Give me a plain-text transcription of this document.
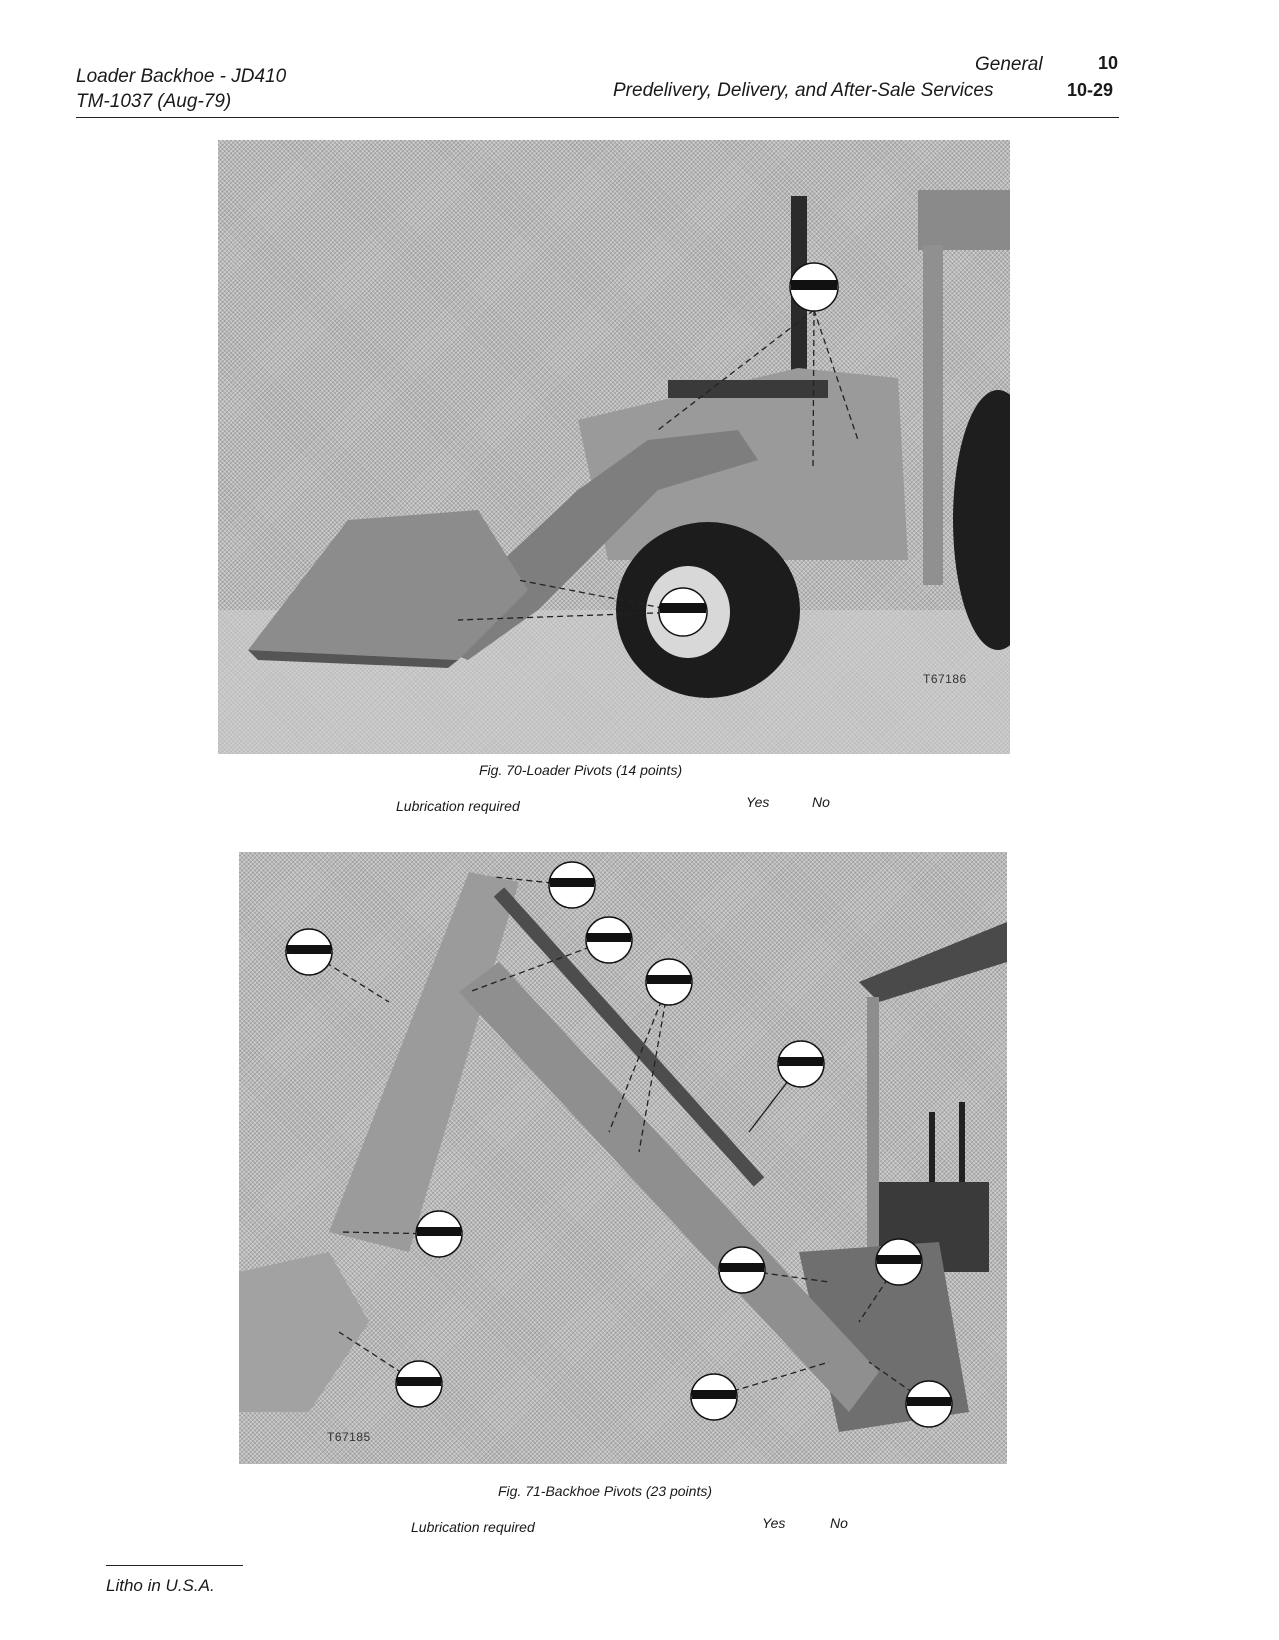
Loader Backhoe - JD410
TM-1037 (Aug-79)
General	10
Predelivery, Delivery, and After-Sale Services	10-29
T67186
Fig. 70-Loader Pivots (14 points)
Lubrication required	Yes	No
T67185
Fig. 71-Backhoe Pivots (23 points)
Lubrication required	Yes	No
Litho in U.S.A.
